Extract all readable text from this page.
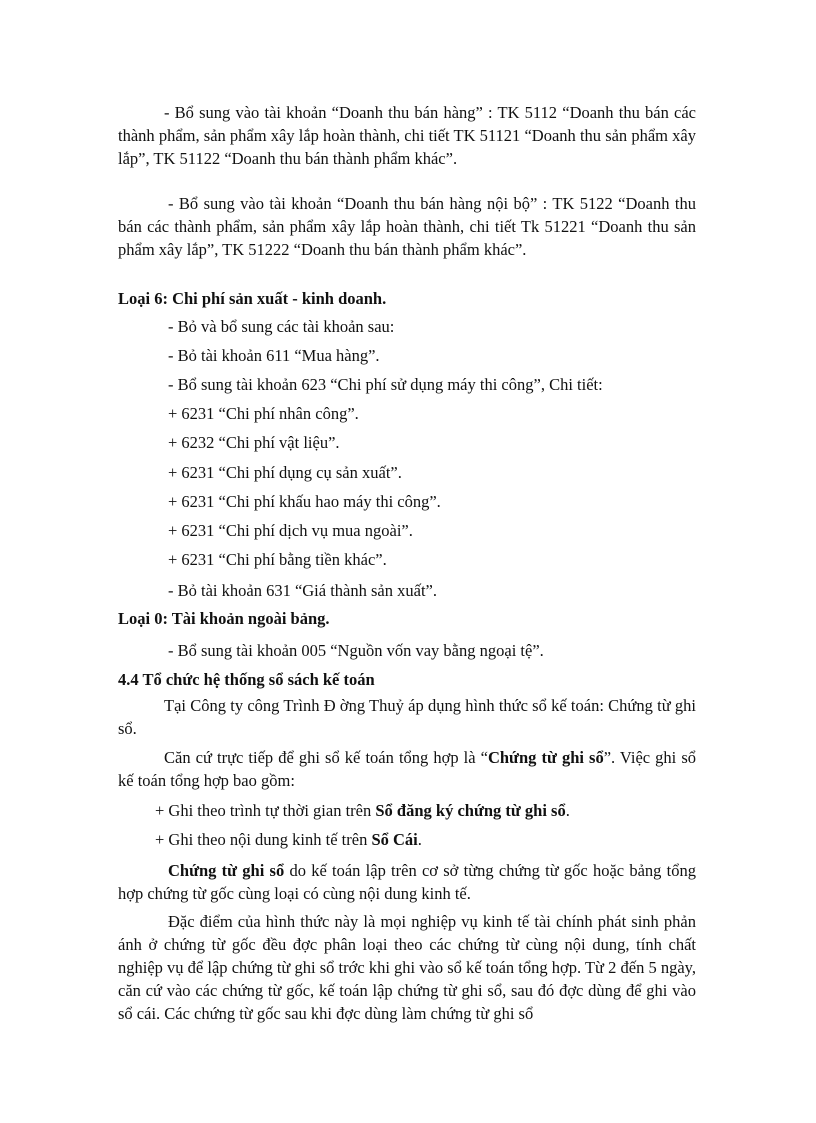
- Bổ sung vào tài khoản “Doanh thu bán hàng” : TK 5112 “Doanh thu bán các thành phẩm, sản phẩm xây lắp hoàn thành, chi tiết TK 51121 “Doanh thu sản phẩm xây lắp”, TK 51122 “Doanh thu bán thành phẩm khác”.

- Bổ sung vào tài khoản “Doanh thu bán hàng nội bộ” : TK 5122 “Doanh thu bán các thành phẩm, sản phẩm xây lắp hoàn thành, chi tiết Tk 51221 “Doanh thu sản phẩm xây lắp”, TK 51222 “Doanh thu bán thành phẩm khác”.

Loại 6: Chi phí sản xuất - kinh doanh.

- Bỏ và bổ sung các tài khoản sau:

- Bỏ tài khoản 611 “Mua hàng”.

- Bổ sung tài khoản 623 “Chi phí sử dụng máy thi công”, Chi tiết:

+ 6231 “Chi phí nhân công”.

+ 6232 “Chi phí vật liệu”.

+ 6231 “Chi phí dụng cụ sản xuất”.

+ 6231 “Chi phí khấu hao máy thi công”.

+ 6231 “Chi phí dịch vụ mua ngoài”.

+ 6231 “Chi phí bằng tiền khác”.

- Bỏ tài khoản 631 “Giá thành sản xuất”.

Loại 0: Tài khoản ngoài bảng.

- Bổ sung tài khoản 005 “Nguồn vốn vay bằng ngoại tệ”.

4.4 Tổ chức hệ thống sổ sách kế toán

Tại Công ty công Trình Đ ờng Thuỷ áp dụng hình thức sổ kế toán: Chứng từ ghi sổ.

Căn cứ trực tiếp để ghi sổ kế toán tổng hợp là “Chứng từ ghi sổ”. Việc ghi sổ kế toán tổng hợp bao gồm:

+ Ghi theo trình tự thời gian trên Sổ đăng ký chứng từ ghi sổ.

+ Ghi theo nội dung kinh tế trên Sổ Cái.

Chứng từ ghi sổ do kế toán lập trên cơ sở từng chứng từ gốc hoặc bảng tổng hợp chứng từ gốc cùng loại có cùng nội dung kinh tế.

Đặc điểm của hình thức này là mọi nghiệp vụ kinh tế tài chính phát sinh phản ánh ở chứng từ gốc đều đợc phân loại theo các chứng từ cùng nội dung, tính chất nghiệp vụ để lập chứng từ ghi sổ trớc khi ghi vào sổ kế toán tổng hợp. Từ 2 đến 5 ngày, căn cứ vào các chứng từ gốc, kế toán lập chứng từ ghi sổ, sau đó đợc dùng để ghi vào sổ cái. Các chứng từ gốc sau khi đợc dùng làm chứng từ ghi sổ
